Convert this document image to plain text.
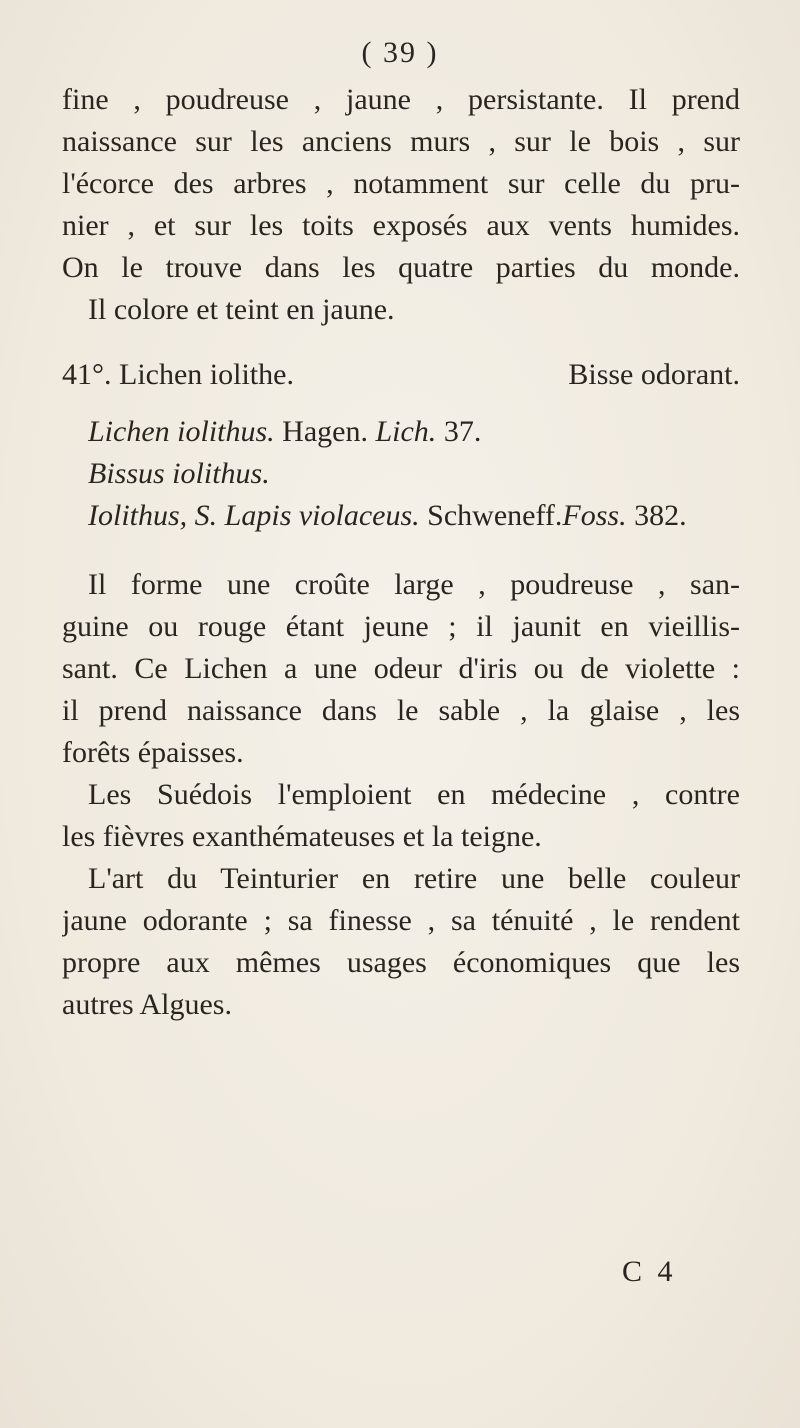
( 39 )
fine , poudreuse , jaune , persistante. Il prend
naissance sur les anciens murs , sur le bois , sur
l'écorce des arbres , notamment sur celle du pru-
nier , et sur les toits exposés aux vents humides.
On le trouve dans les quatre parties du monde.
Il colore et teint en jaune.
41°. Lichen iolithe.	Bisse odorant.
Lichen iolithus. Hagen. Lich. 37.
Bissus iolithus.
Iolithus, S. Lapis violaceus. Schweneff.Foss. 382.
Il forme une croûte large , poudreuse , san-
guine ou rouge étant jeune ; il jaunit en vieillis-
sant. Ce Lichen a une odeur d'iris ou de violette :
il prend naissance dans le sable , la glaise , les
forêts épaisses.
Les Suédois l'emploient en médecine , contre
les fièvres exanthémateuses et la teigne.
L'art du Teinturier en retire une belle couleur
jaune odorante ; sa finesse , sa ténuité , le rendent
propre aux mêmes usages économiques que les
autres Algues.
C 4
